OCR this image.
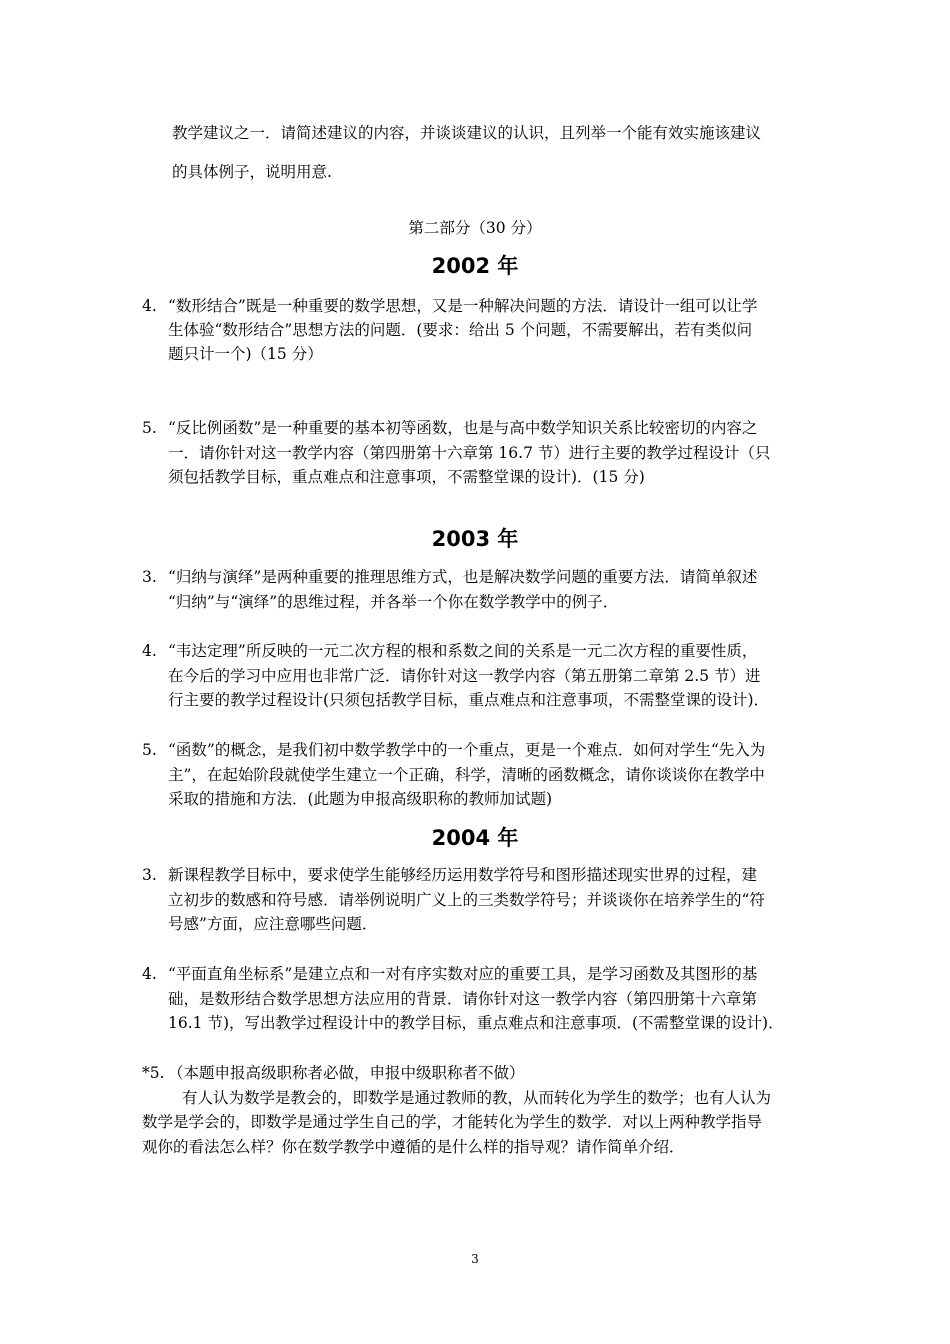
教学建议之一．请简述建议的内容，并谈谈建议的认识，且列举一个能有效实施该建议
的具体例子，说明用意.
第二部分（30 分）
2002 年
4. “数形结合”既是一种重要的数学思想，又是一种解决问题的方法．请设计一组可以让学
生体验“数形结合”思想方法的问题．(要求：给出 5 个问题，不需要解出，若有类似问
题只计一个)（15 分）
5. “反比例函数”是一种重要的基本初等函数，也是与高中数学知识关系比较密切的内容之
一．请你针对这一教学内容（第四册第十六章第 16.7 节）进行主要的教学过程设计（只
须包括教学目标，重点难点和注意事项，不需整堂课的设计)．(15 分)
2003 年
3. “归纳与演绎”是两种重要的推理思维方式，也是解决数学问题的重要方法．请简单叙述
“归纳”与“演绎”的思维过程，并各举一个你在数学教学中的例子．
4. “韦达定理”所反映的一元二次方程的根和系数之间的关系是一元二次方程的重要性质，
在今后的学习中应用也非常广泛．请你针对这一教学内容（第五册第二章第 2.5 节）进
行主要的教学过程设计(只须包括教学目标，重点难点和注意事项，不需整堂课的设计)．
5. “函数”的概念，是我们初中数学教学中的一个重点，更是一个难点．如何对学生“先入为
主”，在起始阶段就使学生建立一个正确，科学，清晰的函数概念，请你谈谈你在教学中
采取的措施和方法．(此题为申报高级职称的教师加试题)
2004 年
3. 新课程教学目标中，要求使学生能够经历运用数学符号和图形描述现实世界的过程，建
立初步的数感和符号感．请举例说明广义上的三类数学符号；并谈谈你在培养学生的“符
号感”方面，应注意哪些问题．
4. “平面直角坐标系”是建立点和一对有序实数对应的重要工具，是学习函数及其图形的基
础，是数形结合数学思想方法应用的背景．请你针对这一教学内容（第四册第十六章第
16.1 节)，写出教学过程设计中的教学目标，重点难点和注意事项．(不需整堂课的设计)．
*5. （本题申报高级职称者必做，申报中级职称者不做）
有人认为数学是教会的，即数学是通过教师的教，从而转化为学生的数学；也有人认为
数学是学会的，即数学是通过学生自己的学，才能转化为学生的数学．对以上两种教学指导
观你的看法怎么样？你在数学教学中遵循的是什么样的指导观？请作简单介绍．
3
